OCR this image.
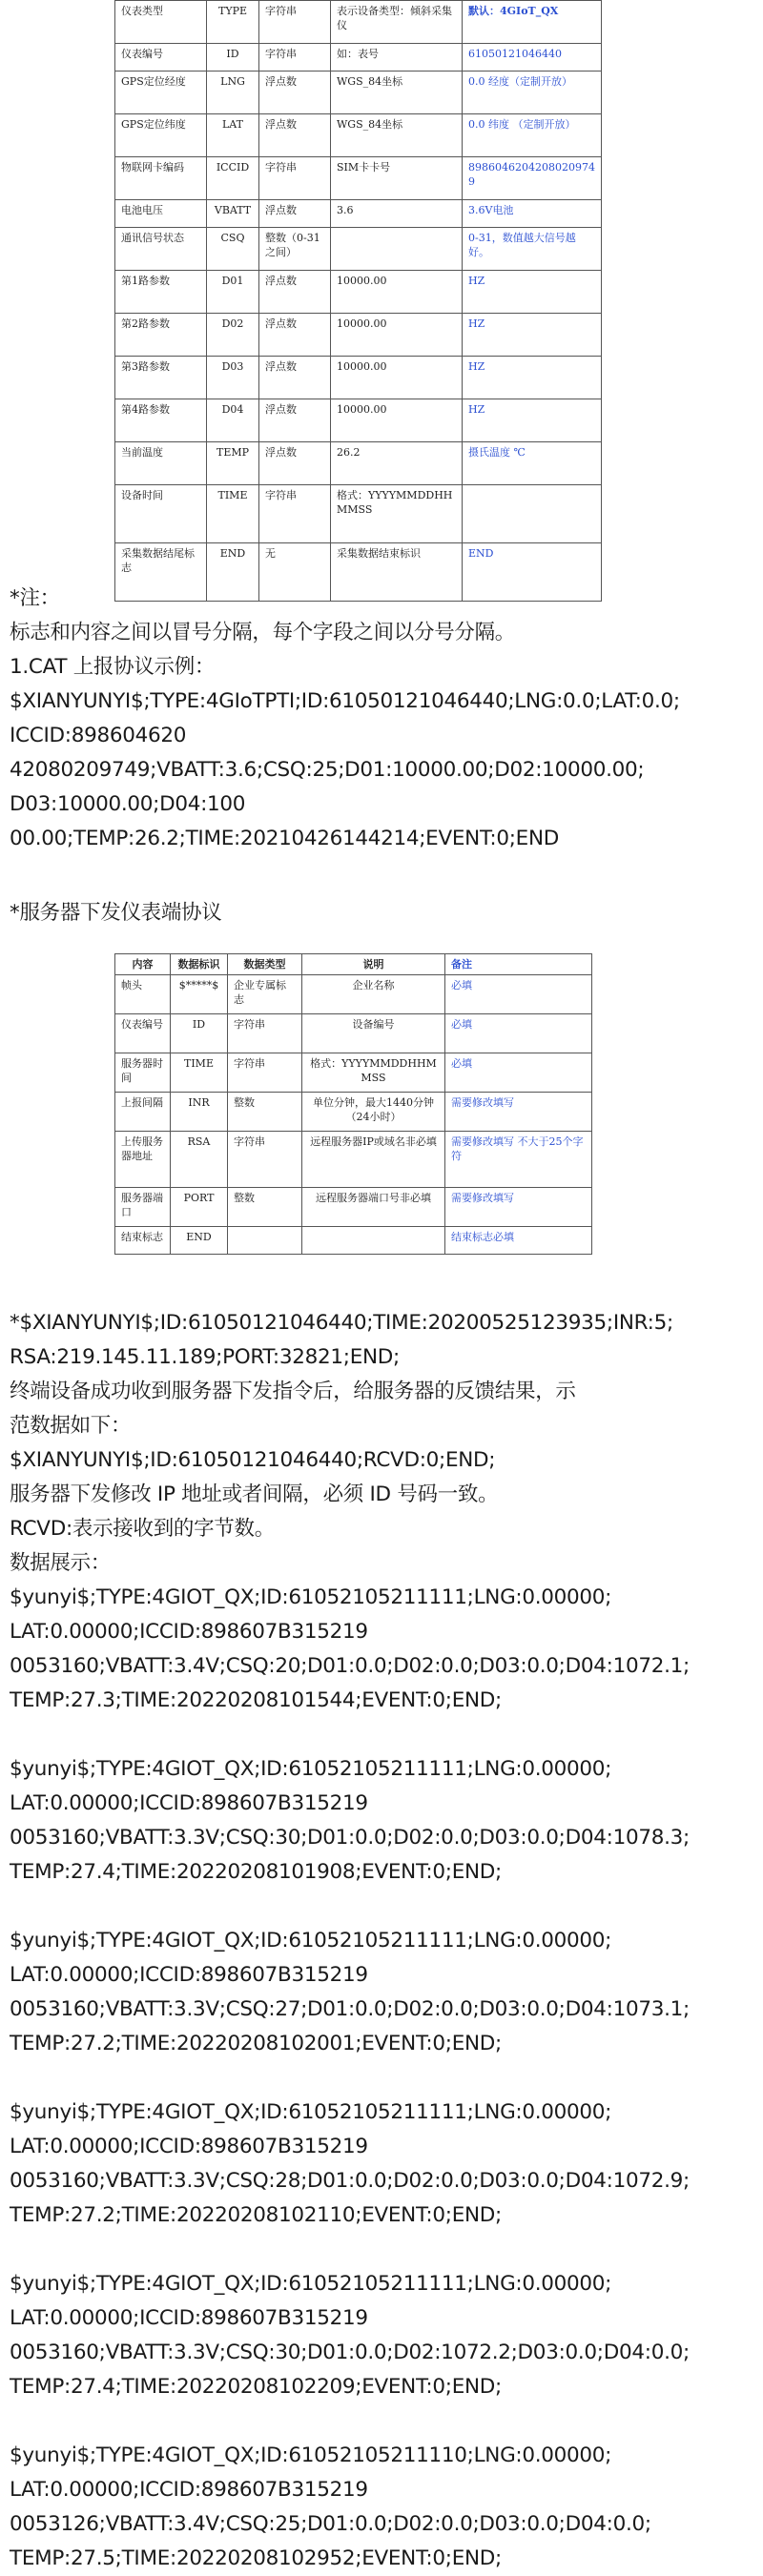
仪表类型	TYPE	字符串	表示设备类型：倾斜采集仪	默认：4GIoT_QX
仪表编号	ID	字符串	如：表号	61050121046440
GPS定位经度	LNG	浮点数	WGS_84坐标	0.0 经度（定制开放）
GPS定位纬度	LAT	浮点数	WGS_84坐标	0.0 纬度 （定制开放）
物联网卡编码	ICCID	字符串	SIM卡卡号	89860462042080209749
电池电压	VBATT	浮点数	3.6	3.6V电池
通讯信号状态	CSQ	整数（0-31之间）		0-31，数值越大信号越好。
第1路参数	D01	浮点数	10000.00	HZ
第2路参数	D02	浮点数	10000.00	HZ
第3路参数	D03	浮点数	10000.00	HZ
第4路参数	D04	浮点数	10000.00	HZ
当前温度	TEMP	浮点数	26.2	摄氏温度 ℃
设备时间	TIME	字符串	格式：YYYYMMDDHHMMSS	
采集数据结尾标志	END	无	采集数据结束标识	END
*注：
标志和内容之间以冒号分隔，每个字段之间以分号分隔。
1.CAT 上报协议示例：
$XIANYUNYI$;TYPE:4GIoTPTI;ID:61050121046440;LNG:0.0;LAT:0.0;
ICCID:898604620
42080209749;VBATT:3.6;CSQ:25;D01:10000.00;D02:10000.00;
D03:10000.00;D04:100
00.00;TEMP:26.2;TIME:20210426144214;EVENT:0;END
*服务器下发仪表端协议
内容	数据标识	数据类型	说明	备注
帧头	$*****$	企业专属标志	企业名称	必填
仪表编号	ID	字符串	设备编号	必填
服务器时间	TIME	字符串	格式：YYYYMMDDHHMMSS	必填
上报间隔	INR	整数	单位分钟，最大1440分钟（24小时）	需要修改填写
上传服务器地址	RSA	字符串	远程服务器IP或域名非必填	需要修改填写 不大于25个字符
服务器端口	PORT	整数	远程服务器端口号非必填	需要修改填写
结束标志	END			结束标志必填
*$XIANYUNYI$;ID:61050121046440;TIME:20200525123935;INR:5;
RSA:219.145.11.189;PORT:32821;END;
终端设备成功收到服务器下发指令后，给服务器的反馈结果，示
范数据如下：
$XIANYUNYI$;ID:61050121046440;RCVD:0;END;
服务器下发修改 IP 地址或者间隔，必须 ID 号码一致。
RCVD:表示接收到的字节数。
数据展示：
$yunyi$;TYPE:4GIOT_QX;ID:61052105211111;LNG:0.00000;
LAT:0.00000;ICCID:898607B315219
0053160;VBATT:3.4V;CSQ:20;D01:0.0;D02:0.0;D03:0.0;D04:1072.1;
TEMP:27.3;TIME:20220208101544;EVENT:0;END;

$yunyi$;TYPE:4GIOT_QX;ID:61052105211111;LNG:0.00000;
LAT:0.00000;ICCID:898607B315219
0053160;VBATT:3.3V;CSQ:30;D01:0.0;D02:0.0;D03:0.0;D04:1078.3;
TEMP:27.4;TIME:20220208101908;EVENT:0;END;

$yunyi$;TYPE:4GIOT_QX;ID:61052105211111;LNG:0.00000;
LAT:0.00000;ICCID:898607B315219
0053160;VBATT:3.3V;CSQ:27;D01:0.0;D02:0.0;D03:0.0;D04:1073.1;
TEMP:27.2;TIME:20220208102001;EVENT:0;END;

$yunyi$;TYPE:4GIOT_QX;ID:61052105211111;LNG:0.00000;
LAT:0.00000;ICCID:898607B315219
0053160;VBATT:3.3V;CSQ:28;D01:0.0;D02:0.0;D03:0.0;D04:1072.9;
TEMP:27.2;TIME:20220208102110;EVENT:0;END;

$yunyi$;TYPE:4GIOT_QX;ID:61052105211111;LNG:0.00000;
LAT:0.00000;ICCID:898607B315219
0053160;VBATT:3.3V;CSQ:30;D01:0.0;D02:1072.2;D03:0.0;D04:0.0;
TEMP:27.4;TIME:20220208102209;EVENT:0;END;

$yunyi$;TYPE:4GIOT_QX;ID:61052105211110;LNG:0.00000;
LAT:0.00000;ICCID:898607B315219
0053126;VBATT:3.4V;CSQ:25;D01:0.0;D02:0.0;D03:0.0;D04:0.0;
TEMP:27.5;TIME:20220208102952;EVENT:0;END;
